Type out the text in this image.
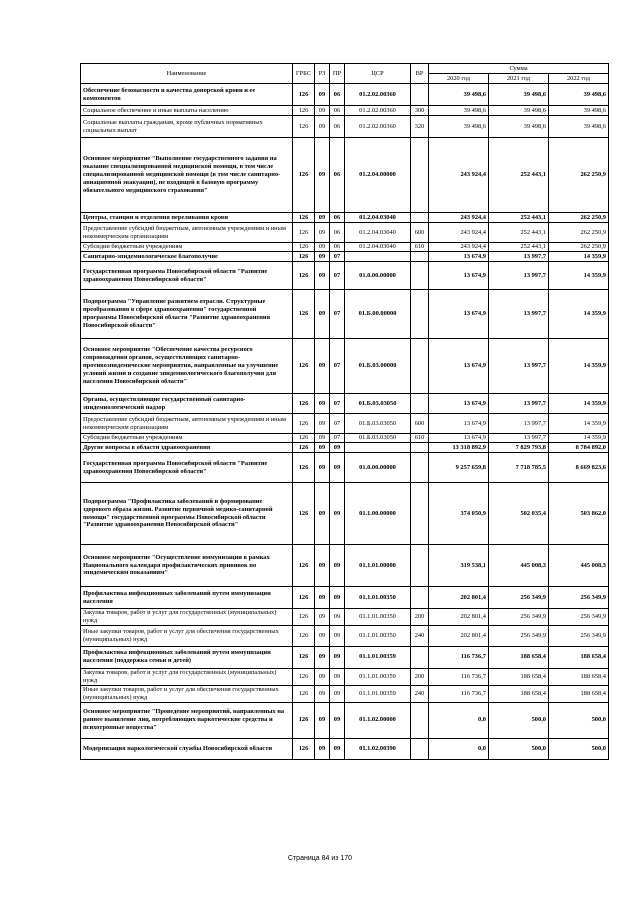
Наименование	ГРБС	РЗ	ПР	ЦСР	ВР	Сумма		
						2020 год	2021 год	2022 год
Обеспечение безопасности и качества донорской крови и ее компонентов	126	09	06	01.2.02.00360		39 498,6	39 498,6	39 498,6
Социальное обеспечение и иные выплаты населению	126	09	06	01.2.02.00360	300	39 498,6	39 498,6	39 498,6
Социальные выплаты гражданам, кроме публичных нормативных социальных выплат	126	09	06	01.2.02.00360	320	39 498,6	39 498,6	39 498,6
Основное мероприятие "Выполнение государственного задания на оказание специализированной медицинской помощи, в том числе специализированной медицинской помощи (в том числе санитарно-авиационной эвакуации), не входящей в базовую программу обязательного медицинского страхования"	126	09	06	01.2.04.00000		243 924,4	252 443,1	262 250,9
Центры, станции и отделения переливания крови	126	09	06	01.2.04.03040		243 924,4	252 443,1	262 250,9
Предоставление субсидий бюджетным, автономным учреждениям и иным некоммерческим организациям	126	09	06	01.2.04.03040	600	243 924,4	252 443,1	262 250,9
Субсидии бюджетным учреждениям	126	09	06	01.2.04.03040	610	243 924,4	252 443,1	262 250,9
Санитарно-эпидемиологическое благополучие	126	09	07			13 674,9	13 997,7	14 359,9
Государственная программа Новосибирской области "Развитие здравоохранения Новосибирской области"	126	09	07	01.0.00.00000		13 674,9	13 997,7	14 359,9
Подпрограмма "Управление развитием отрасли. Структурные преобразования в сфере здравоохранения" государственной программы Новосибирской области "Развитие здравоохранения Новосибирской области"	126	09	07	01.Б.00.00000		13 674,9	13 997,7	14 359,9
Основное мероприятие "Обеспечение качества ресурсного сопровождения органов, осуществляющих санитарно-противоэпидемические мероприятия, направленные на улучшение условий жизни и создание эпидемиологического благополучия для населения Новосибирской области"	126	09	07	01.Б.03.00000		13 674,9	13 997,7	14 359,9
Органы, осуществляющие государственный санитарно-эпидемиологический надзор	126	09	07	01.Б.03.03050		13 674,9	13 997,7	14 359,9
Предоставление субсидий бюджетным, автономным учреждениям и иным некоммерческим организациям	126	09	07	01.Б.03.03050	600	13 674,9	13 997,7	14 359,9
Субсидии бюджетным учреждениям	126	09	07	01.Б.03.03050	610	13 674,9	13 997,7	14 359,9
Другие вопросы в области здравоохранения	126	09	09			13 318 892,9	7 829 793,8	8 784 892,0
Государственная программа Новосибирской области "Развитие здравоохранения Новосибирской области"	126	09	09	01.0.00.00000		9 257 659,8	7 718 785,5	8 669 823,6
Подпрограмма "Профилактика заболеваний и формирование здорового образа жизни. Развитие первичной медико-санитарной помощи" государственной программы Новосибирской области "Развитие здравоохранения Новосибирской области"	126	09	09	01.1.00.00000		374 050,9	502 035,4	503 862,0
Основное мероприятие "Осуществление иммунизации в рамках Национального календаря профилактических прививок по эпидемическим показаниям"	126	09	09	01.1.01.00000		319 538,1	445 008,3	445 008,3
Профилактика инфекционных заболеваний путем иммунизации населения	126	09	09	01.1.01.00350		202 801,4	256 349,9	256 349,9
Закупка товаров, работ и услуг для государственных (муниципальных) нужд	126	09	09	01.1.01.00350	200	202 801,4	256 349,9	256 349,9
Иные закупки товаров, работ и услуг для обеспечения государственных (муниципальных) нужд	126	09	09	01.1.01.00350	240	202 801,4	256 349,9	256 349,9
Профилактика инфекционных заболеваний путем иммунизации населения (поддержка семьи и детей)	126	09	09	01.1.01.00359		116 736,7	188 658,4	188 658,4
Закупка товаров, работ и услуг для государственных (муниципальных) нужд	126	09	09	01.1.01.00359	200	116 736,7	188 658,4	188 658,4
Иные закупки товаров, работ и услуг для обеспечения государственных (муниципальных) нужд	126	09	09	01.1.01.00359	240	116 736,7	188 658,4	188 658,4
Основное мероприятие "Проведение мероприятий, направленных на раннее выявление лиц, потребляющих наркотические средства и психотропные вещества"	126	09	09	01.1.02.00000		0,0	500,0	500,0
Модернизация наркологической службы Новосибирской области	126	09	09	01.1.02.00390		0,0	500,0	500,0
Страница 84 из 170
